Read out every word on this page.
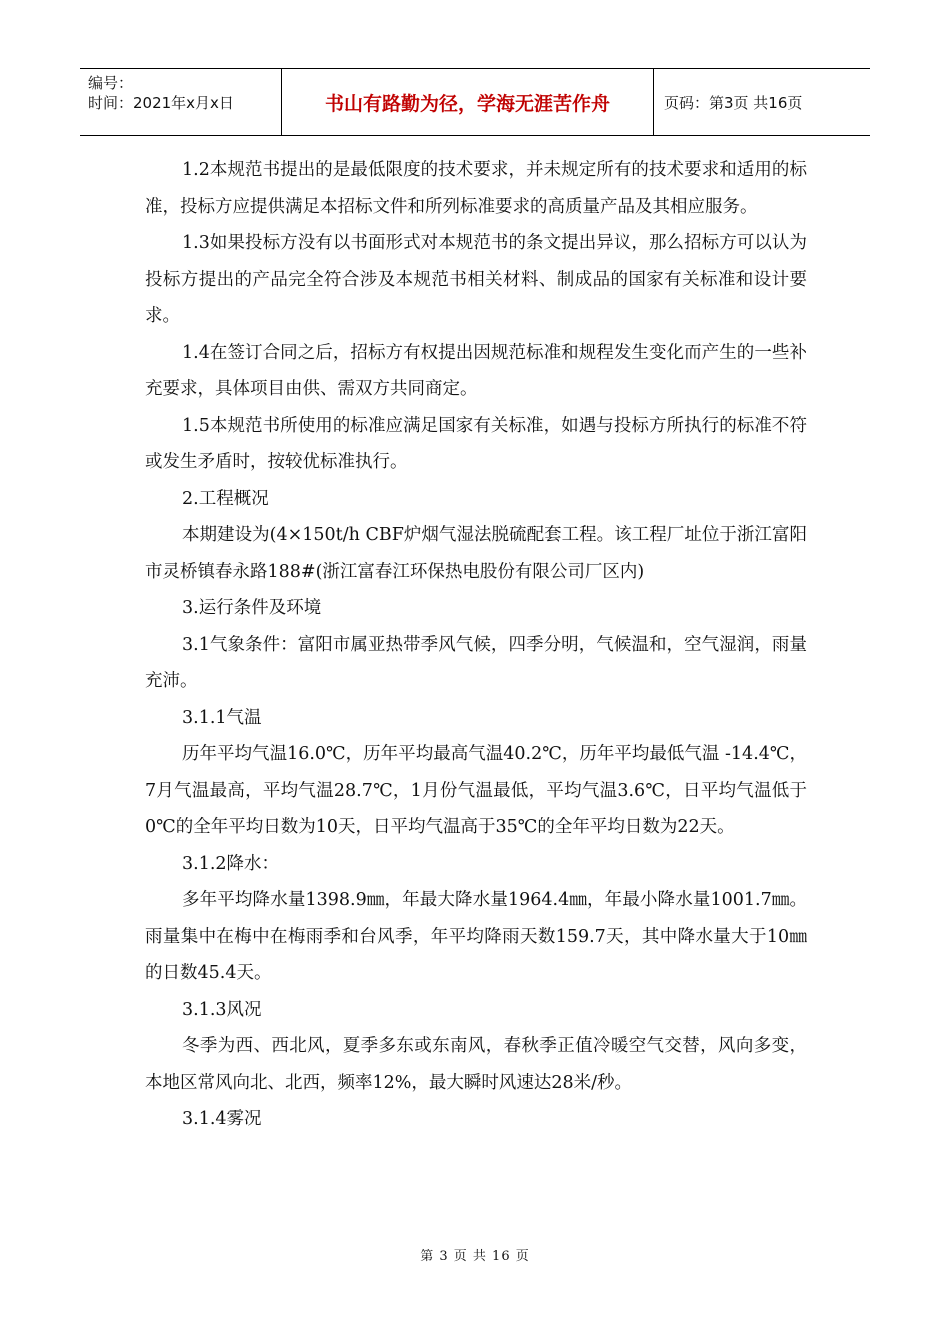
编号：
时间：2021年x月x日	书山有路勤为径，学海无涯苦作舟	页码：第3页 共16页

1.2本规范书提出的是最低限度的技术要求，并未规定所有的技术要求和适用的标准，投标方应提供满足本招标文件和所列标准要求的高质量产品及其相应服务。

1.3如果投标方没有以书面形式对本规范书的条文提出异议，那么招标方可以认为投标方提出的产品完全符合涉及本规范书相关材料、制成品的国家有关标准和设计要求。

1.4在签订合同之后，招标方有权提出因规范标准和规程发生变化而产生的一些补充要求，具体项目由供、需双方共同商定。

1.5本规范书所使用的标准应满足国家有关标准，如遇与投标方所执行的标准不符或发生矛盾时，按较优标准执行。

2.工程概况

本期建设为(4×150t/h CBF炉烟气湿法脱硫配套工程。该工程厂址位于浙江富阳市灵桥镇春永路188#(浙江富春江环保热电股份有限公司厂区内)

3.运行条件及环境

3.1气象条件：富阳市属亚热带季风气候，四季分明，气候温和，空气湿润，雨量充沛。

3.1.1气温

历年平均气温16.0℃，历年平均最高气温40.2℃，历年平均最低气温 -14.4℃，7月气温最高，平均气温28.7℃，1月份气温最低，平均气温3.6℃，日平均气温低于0℃的全年平均日数为10天，日平均气温高于35℃的全年平均日数为22天。

3.1.2降水：

多年平均降水量1398.9㎜，年最大降水量1964.4㎜，年最小降水量1001.7㎜。雨量集中在梅中在梅雨季和台风季，年平均降雨天数159.7天，其中降水量大于10㎜的日数45.4天。

3.1.3风况

冬季为西、西北风，夏季多东或东南风，春秋季正值冷暖空气交替，风向多变，本地区常风向北、北西，频率12%，最大瞬时风速达28米/秒。

3.1.4雾况

第 3 页 共 16 页
